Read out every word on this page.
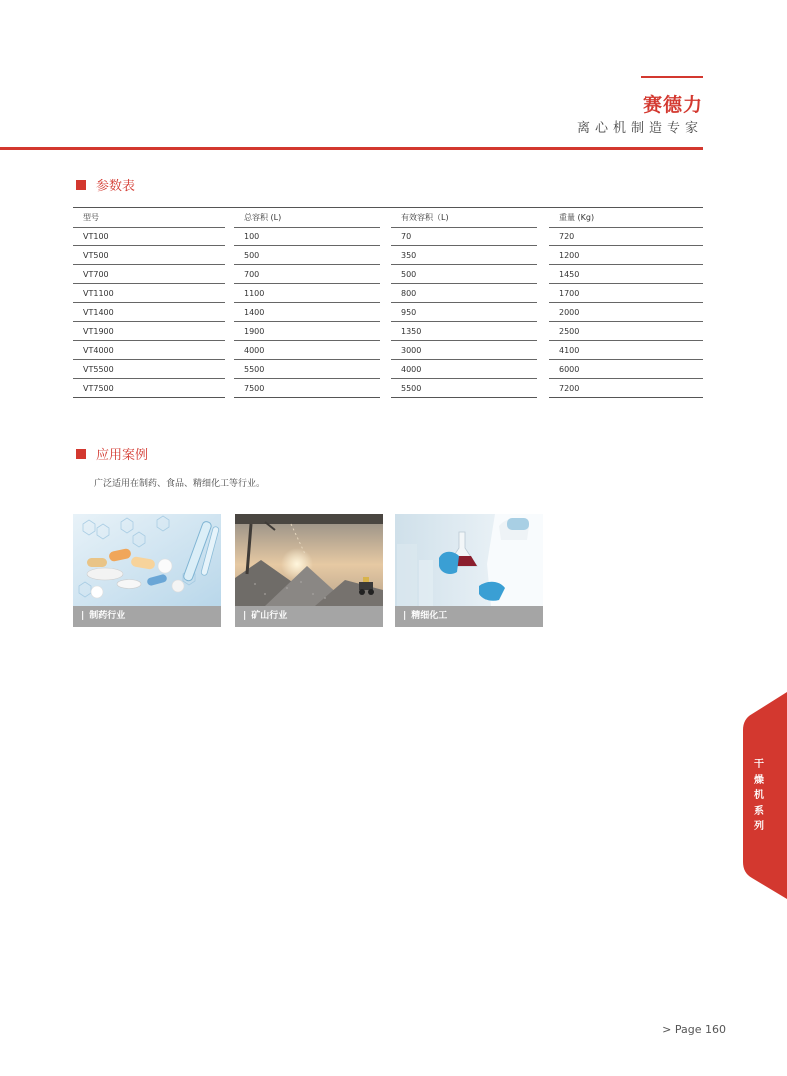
赛德力
离心机制造专家
参数表
型号	总容积 (L)	有效容积（L)	重量 (Kg)
VT100	100	70	720
VT500	500	350	1200
VT700	700	500	1450
VT1100	1100	800	1700
VT1400	1400	950	2000
VT1900	1900	1350	2500
VT4000	4000	3000	4100
VT5500	5500	4000	6000
VT7500	7500	5500	7200
应用案例
广泛适用在制药、食品、精细化工等行业。
| 制药行业	| 矿山行业	| 精细化工
干燥机系列
> Page 160
